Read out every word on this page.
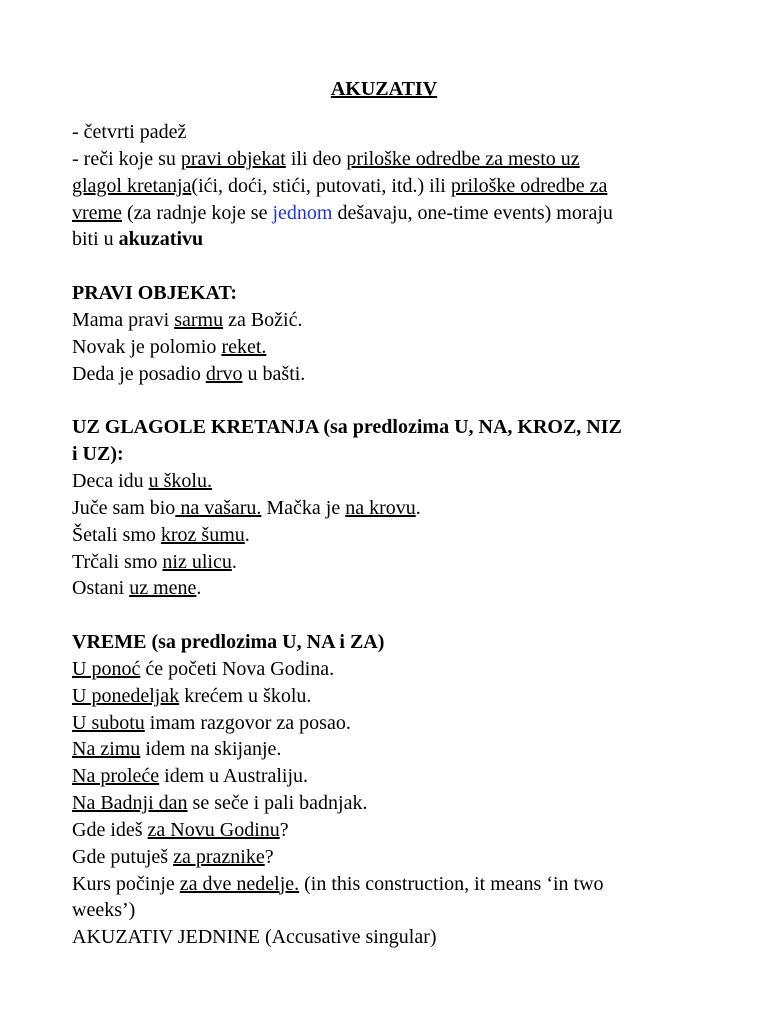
AKUZATIV
- četvrti padež
- reči koje su pravi objekat ili deo priloške odredbe za mesto uz
glagol kretanja(ići, doći, stići, putovati, itd.) ili priloške odredbe za
vreme (za radnje koje se jednom dešavaju, one-time events) moraju
biti u akuzativu
PRAVI OBJEKAT:
Mama pravi sarmu za Božić.
Novak je polomio reket.
Deda je posadio drvo u bašti.
UZ GLAGOLE KRETANJA (sa predlozima U, NA, KROZ, NIZ
i UZ):
Deca idu u školu.
Juče sam bio na vašaru. Mačka je na krovu.
Šetali smo kroz šumu.
Trčali smo niz ulicu.
Ostani uz mene.
VREME (sa predlozima U, NA i ZA)
U ponoć će početi Nova Godina.
U ponedeljak krećem u školu.
U subotu imam razgovor za posao.
Na zimu idem na skijanje.
Na proleće idem u Australiju.
Na Badnji dan se seče i pali badnjak.
Gde ideš za Novu Godinu?
Gde putuješ za praznike?
Kurs počinje za dve nedelje. (in this construction, it means ‘in two
weeks’)
AKUZATIV JEDNINE (Accusative singular)
